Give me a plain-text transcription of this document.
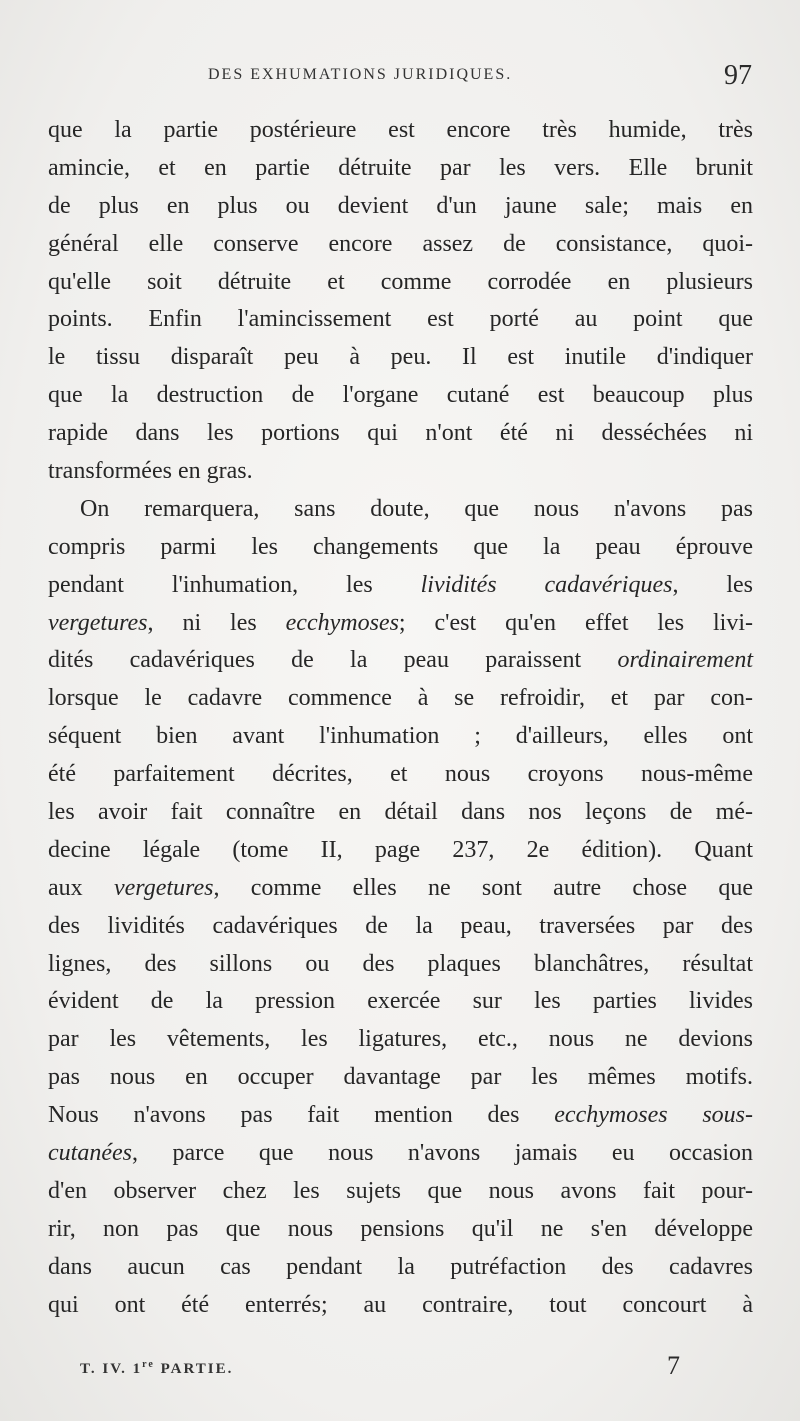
DES EXHUMATIONS JURIDIQUES.	97
que la partie postérieure est encore très humide, très
amincie, et en partie détruite par les vers. Elle brunit
de plus en plus ou devient d'un jaune sale; mais en
général elle conserve encore assez de consistance, quoi-
qu'elle soit détruite et comme corrodée en plusieurs
points. Enfin l'amincissement est porté au point que
le tissu disparaît peu à peu. Il est inutile d'indiquer
que la destruction de l'organe cutané est beaucoup plus
rapide dans les portions qui n'ont été ni desséchées ni
transformées en gras.
On remarquera, sans doute, que nous n'avons pas
compris parmi les changements que la peau éprouve
pendant l'inhumation, les lividités cadavériques, les
vergetures, ni les ecchymoses; c'est qu'en effet les livi-
dités cadavériques de la peau paraissent ordinairement
lorsque le cadavre commence à se refroidir, et par con-
séquent bien avant l'inhumation ; d'ailleurs, elles ont
été parfaitement décrites, et nous croyons nous-même
les avoir fait connaître en détail dans nos leçons de mé-
decine légale (tome II, page 237, 2e édition). Quant
aux vergetures, comme elles ne sont autre chose que
des lividités cadavériques de la peau, traversées par des
lignes, des sillons ou des plaques blanchâtres, résultat
évident de la pression exercée sur les parties livides
par les vêtements, les ligatures, etc., nous ne devions
pas nous en occuper davantage par les mêmes motifs.
Nous n'avons pas fait mention des ecchymoses sous-
cutanées, parce que nous n'avons jamais eu occasion
d'en observer chez les sujets que nous avons fait pour-
rir, non pas que nous pensions qu'il ne s'en développe
dans aucun cas pendant la putréfaction des cadavres
qui ont été enterrés; au contraire, tout concourt à
T. IV. 1re PARTIE.	7
